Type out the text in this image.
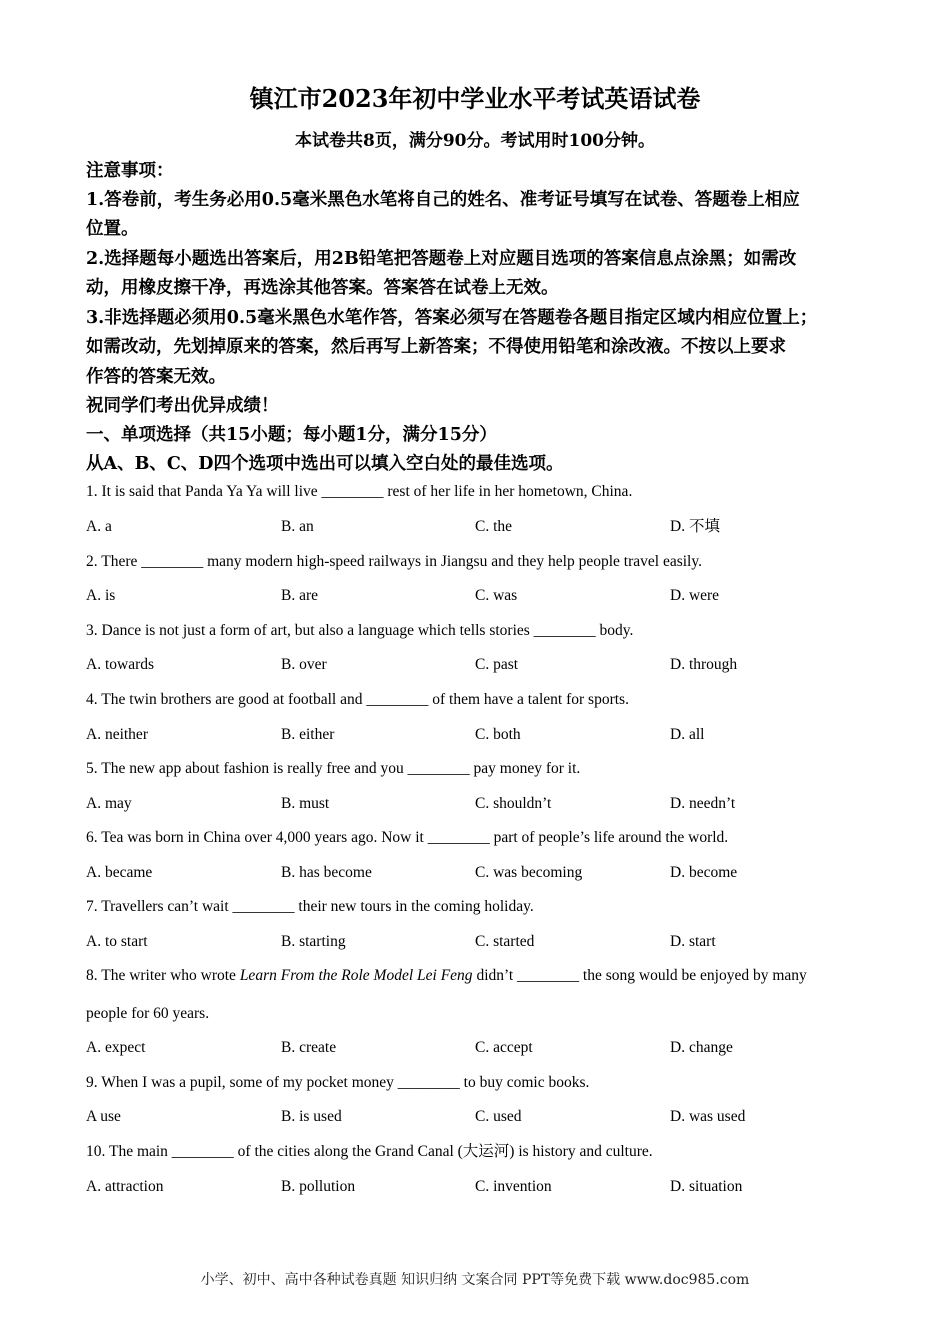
镇江市2023年初中学业水平考试英语试卷
本试卷共8页，满分90分。考试用时100分钟。
注意事项：
1.答卷前，考生务必用0.5毫米黑色水笔将自己的姓名、准考证号填写在试卷、答题卷上相应
位置。
2.选择题每小题选出答案后，用2B铅笔把答题卷上对应题目选项的答案信息点涂黑；如需改
动，用橡皮擦干净，再选涂其他答案。答案答在试卷上无效。
3.非选择题必须用0.5毫米黑色水笔作答，答案必须写在答题卷各题目指定区域内相应位置上；
如需改动，先划掉原来的答案，然后再写上新答案；不得使用铅笔和涂改液。不按以上要求
作答的答案无效。
祝同学们考出优异成绩！
一、单项选择（共15小题；每小题1分，满分15分）
从A、B、C、D四个选项中选出可以填入空白处的最佳选项。
1. It is said that Panda Ya Ya will live ________ rest of her life in her hometown, China.
A. a	B. an	C. the	D. 不填
2. There ________ many modern high-speed railways in Jiangsu and they help people travel easily.
A. is	B. are	C. was	D. were
3. Dance is not just a form of art, but also a language which tells stories ________ body.
A. towards	B. over	C. past	D. through
4. The twin brothers are good at football and ________ of them have a talent for sports.
A. neither	B. either	C. both	D. all
5. The new app about fashion is really free and you ________ pay money for it.
A. may	B. must	C. shouldn’t	D. needn’t
6. Tea was born in China over 4,000 years ago. Now it ________ part of people’s life around the world.
A. became	B. has become	C. was becoming	D. become
7. Travellers can’t wait ________ their new tours in the coming holiday.
A. to start	B. starting	C. started	D. start
8. The writer who wrote Learn From the Role Model Lei Feng didn’t ________ the song would be enjoyed by many
people for 60 years.
A. expect	B. create	C. accept	D. change
9. When I was a pupil, some of my pocket money ________ to buy comic books.
A use	B. is used	C. used	D. was used
10. The main ________ of the cities along the Grand Canal (大运河) is history and culture.
A. attraction	B. pollution	C. invention	D. situation
小学、初中、高中各种试卷真题 知识归纳 文案合同 PPT等免费下载 www.doc985.com
